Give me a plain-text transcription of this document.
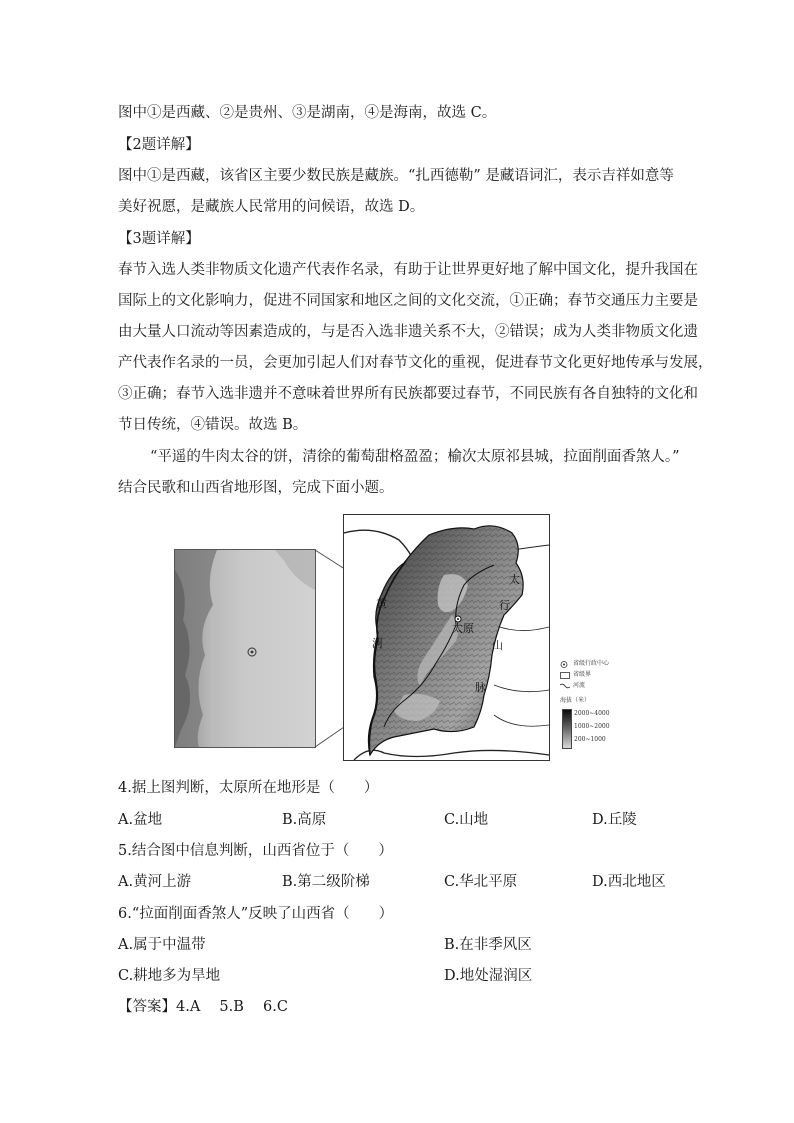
图中①是西藏、②是贵州、③是湖南，④是海南，故选 C。
【2题详解】
图中①是西藏，该省区主要少数民族是藏族。“扎西德勒” 是藏语词汇，表示吉祥如意等
美好祝愿，是藏族人民常用的问候语，故选 D。
【3题详解】
春节入选人类非物质文化遗产代表作名录，有助于让世界更好地了解中国文化，提升我国在
国际上的文化影响力，促进不同国家和地区之间的文化交流，①正确；春节交通压力主要是
由大量人口流动等因素造成的，与是否入选非遗关系不大，②错误；成为人类非物质文化遗
产代表作名录的一员，会更加引起人们对春节文化的重视，促进春节文化更好地传承与发展，
③正确；春节入选非遗并不意味着世界所有民族都要过春节，不同民族有各自独特的文化和
节日传统，④错误。故选 B。
“平遥的牛肉太谷的饼，清徐的葡萄甜格盈盈；榆次太原祁县城，拉面削面香煞人。”
结合民歌和山西省地形图，完成下面小题。
黄
河
太原
太
行
山
脉
省级行政中心
省级界
河流
海拔（米）
2000~4000
1000~2000
200~1000
4.据上图判断，太原所在地形是（　　）
A.盆地	B.高原	C.山地	D.丘陵
5.结合图中信息判断，山西省位于（　　）
A.黄河上游	B.第二级阶梯	C.华北平原	D.西北地区
6.“拉面削面香煞人”反映了山西省（　　）
A.属于中温带	B.在非季风区
C.耕地多为旱地	D.地处湿润区
【答案】4.A　 5.B　 6.C
